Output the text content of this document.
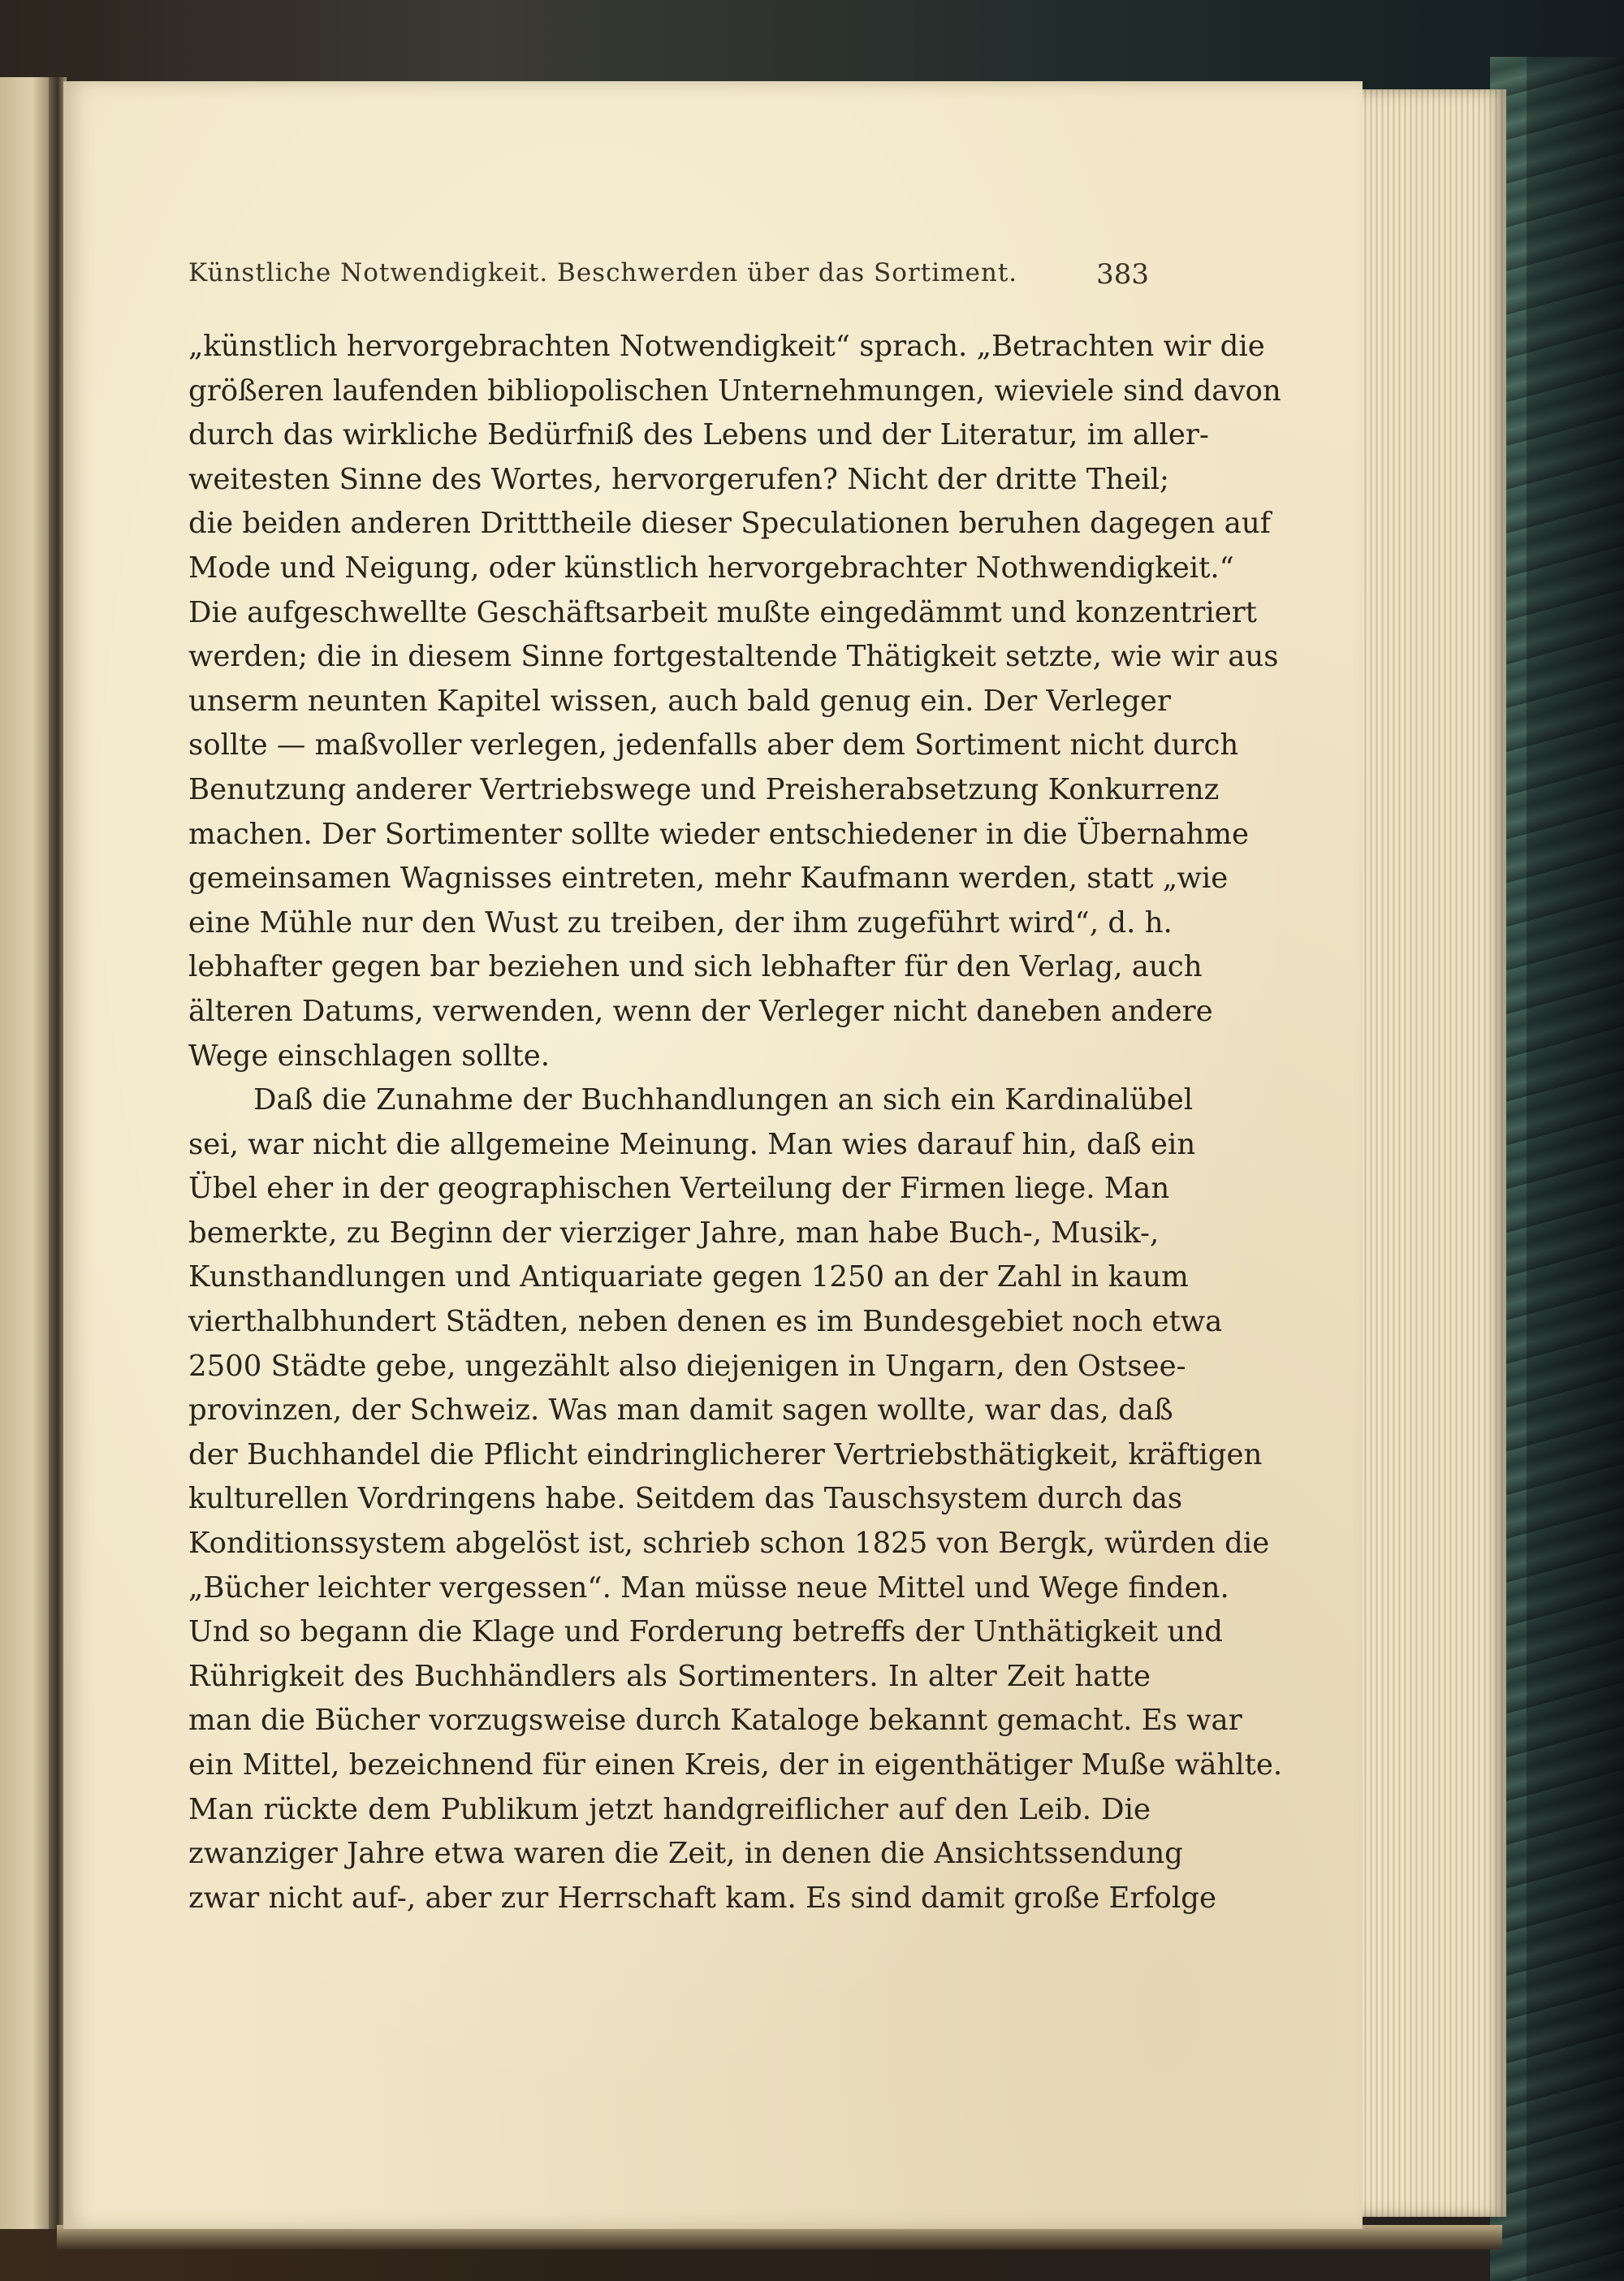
Künstliche Notwendigkeit. Beschwerden über das Sortiment.	383
„künstlich hervorgebrachten Notwendigkeit“ sprach. „Betrachten wir die
größeren laufenden bibliopolischen Unternehmungen, wieviele sind davon
durch das wirkliche Bedürfniß des Lebens und der Literatur, im aller-
weitesten Sinne des Wortes, hervorgerufen? Nicht der dritte Theil;
die beiden anderen Dritttheile dieser Speculationen beruhen dagegen auf
Mode und Neigung, oder künstlich hervorgebrachter Nothwendigkeit.“
Die aufgeschwellte Geschäftsarbeit mußte eingedämmt und konzentriert
werden; die in diesem Sinne fortgestaltende Thätigkeit setzte, wie wir aus
unserm neunten Kapitel wissen, auch bald genug ein. Der Verleger
sollte — maßvoller verlegen, jedenfalls aber dem Sortiment nicht durch
Benutzung anderer Vertriebswege und Preisherabsetzung Konkurrenz
machen. Der Sortimenter sollte wieder entschiedener in die Übernahme
gemeinsamen Wagnisses eintreten, mehr Kaufmann werden, statt „wie
eine Mühle nur den Wust zu treiben, der ihm zugeführt wird“, d. h.
lebhafter gegen bar beziehen und sich lebhafter für den Verlag, auch
älteren Datums, verwenden, wenn der Verleger nicht daneben andere
Wege einschlagen sollte.
Daß die Zunahme der Buchhandlungen an sich ein Kardinalübel
sei, war nicht die allgemeine Meinung. Man wies darauf hin, daß ein
Übel eher in der geographischen Verteilung der Firmen liege. Man
bemerkte, zu Beginn der vierziger Jahre, man habe Buch-, Musik-,
Kunsthandlungen und Antiquariate gegen 1250 an der Zahl in kaum
vierthalbhundert Städten, neben denen es im Bundesgebiet noch etwa
2500 Städte gebe, ungezählt also diejenigen in Ungarn, den Ostsee-
provinzen, der Schweiz. Was man damit sagen wollte, war das, daß
der Buchhandel die Pflicht eindringlicherer Vertriebsthätigkeit, kräftigen
kulturellen Vordringens habe. Seitdem das Tauschsystem durch das
Konditionssystem abgelöst ist, schrieb schon 1825 von Bergk, würden die
„Bücher leichter vergessen“. Man müsse neue Mittel und Wege finden.
Und so begann die Klage und Forderung betreffs der Unthätigkeit und
Rührigkeit des Buchhändlers als Sortimenters. In alter Zeit hatte
man die Bücher vorzugsweise durch Kataloge bekannt gemacht. Es war
ein Mittel, bezeichnend für einen Kreis, der in eigenthätiger Muße wählte.
Man rückte dem Publikum jetzt handgreiflicher auf den Leib. Die
zwanziger Jahre etwa waren die Zeit, in denen die Ansichtssendung
zwar nicht auf-, aber zur Herrschaft kam. Es sind damit große Erfolge
